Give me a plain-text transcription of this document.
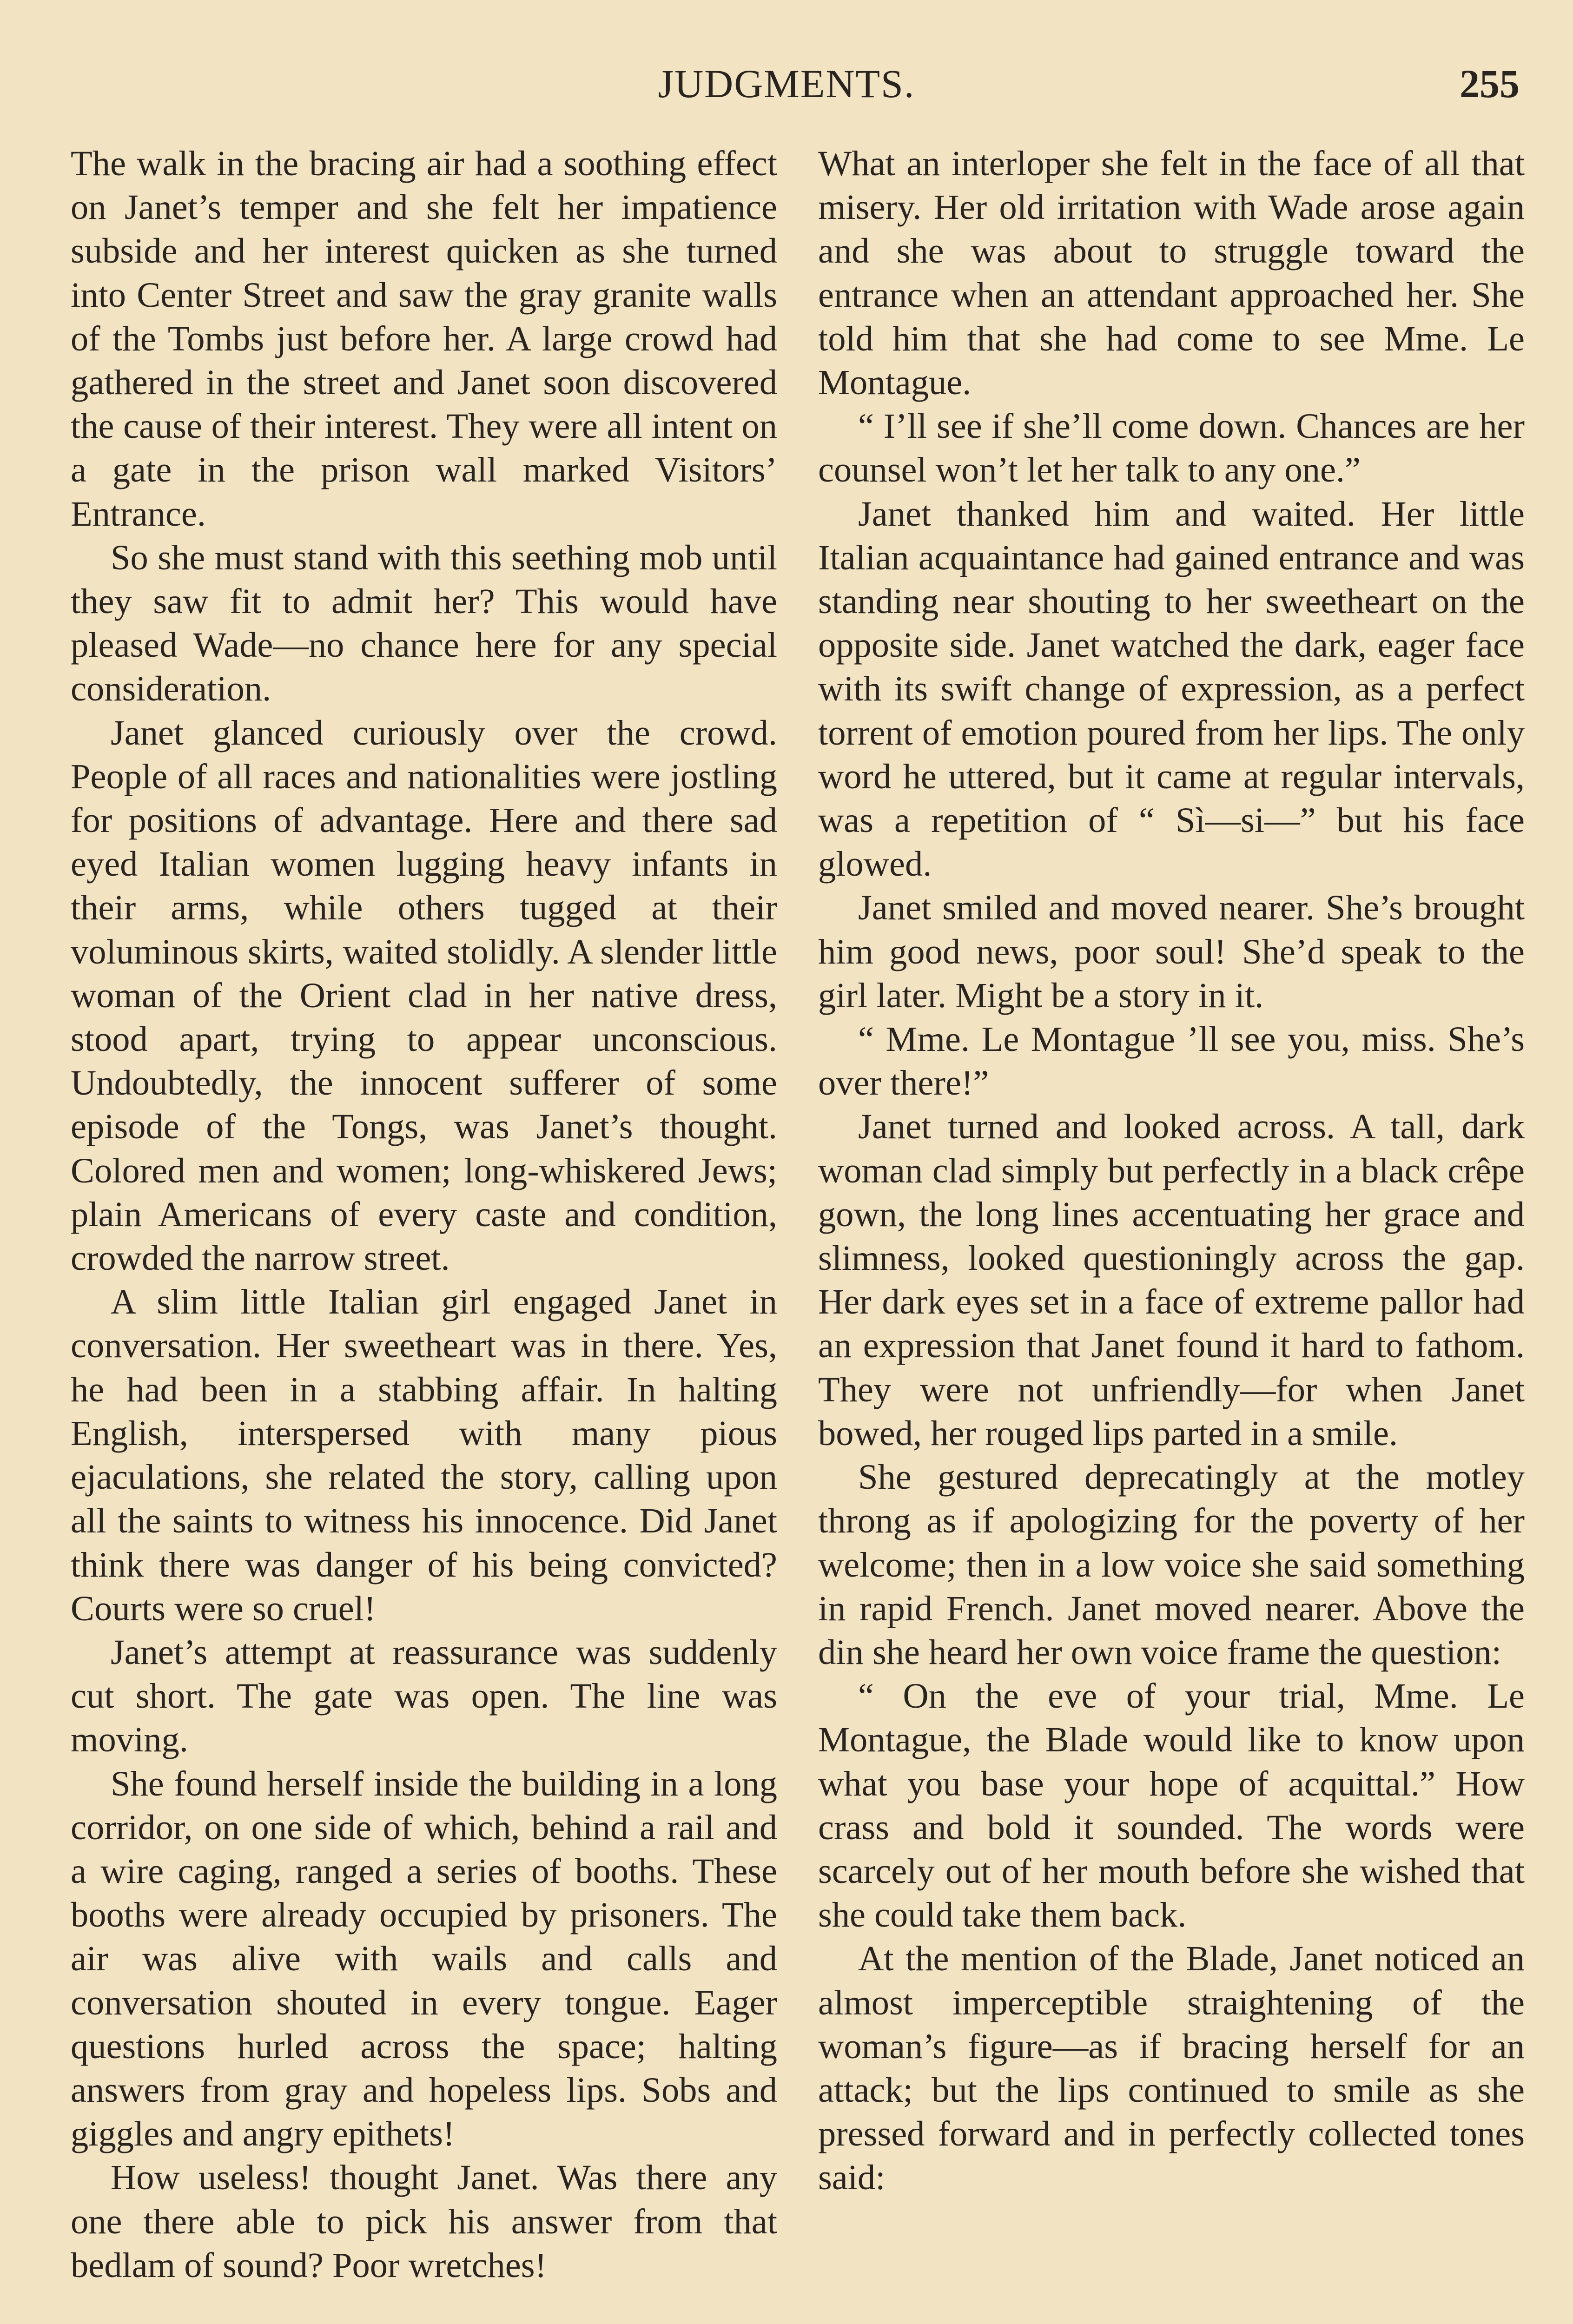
JUDGMENTS.	255

The walk in the bracing air had a soothing effect on Janet’s temper and she felt her impatience subside and her interest quicken as she turned into Center Street and saw the gray granite walls of the Tombs just before her. A large crowd had gathered in the street and Janet soon discovered the cause of their interest. They were all intent on a gate in the prison wall marked Visitors’ Entrance.

So she must stand with this seething mob until they saw fit to admit her? This would have pleased Wade—no chance here for any special consideration.

Janet glanced curiously over the crowd. People of all races and nationalities were jostling for positions of advantage. Here and there sad eyed Italian women lugging heavy infants in their arms, while others tugged at their voluminous skirts, waited stolidly. A slender little woman of the Orient clad in her native dress, stood apart, trying to appear unconscious. Undoubtedly, the innocent sufferer of some episode of the Tongs, was Janet’s thought. Colored men and women; long-whiskered Jews; plain Americans of every caste and condition, crowded the narrow street.

A slim little Italian girl engaged Janet in conversation. Her sweetheart was in there. Yes, he had been in a stabbing affair. In halting English, interspersed with many pious ejaculations, she related the story, calling upon all the saints to witness his innocence. Did Janet think there was danger of his being convicted? Courts were so cruel!

Janet’s attempt at reassurance was suddenly cut short. The gate was open. The line was moving.

She found herself inside the building in a long corridor, on one side of which, behind a rail and a wire caging, ranged a series of booths. These booths were already occupied by prisoners. The air was alive with wails and calls and conversation shouted in every tongue. Eager questions hurled across the space; halting answers from gray and hopeless lips. Sobs and giggles and angry epithets!

How useless! thought Janet. Was there any one there able to pick his answer from that bedlam of sound? Poor wretches!

What an interloper she felt in the face of all that misery. Her old irritation with Wade arose again and she was about to struggle toward the entrance when an attendant approached her. She told him that she had come to see Mme. Le Montague.

“ I’ll see if she’ll come down. Chances are her counsel won’t let her talk to any one.”

Janet thanked him and waited. Her little Italian acquaintance had gained entrance and was standing near shouting to her sweetheart on the opposite side. Janet watched the dark, eager face with its swift change of expression, as a perfect torrent of emotion poured from her lips. The only word he uttered, but it came at regular intervals, was a repetition of “ Sì—si—” but his face glowed.

Janet smiled and moved nearer. She’s brought him good news, poor soul! She’d speak to the girl later. Might be a story in it.

“ Mme. Le Montague ’ll see you, miss. She’s over there!”

Janet turned and looked across. A tall, dark woman clad simply but perfectly in a black crêpe gown, the long lines accentuating her grace and slimness, looked questioningly across the gap. Her dark eyes set in a face of extreme pallor had an expression that Janet found it hard to fathom. They were not unfriendly—for when Janet bowed, her rouged lips parted in a smile.

She gestured deprecatingly at the motley throng as if apologizing for the poverty of her welcome; then in a low voice she said something in rapid French. Janet moved nearer. Above the din she heard her own voice frame the question:

“ On the eve of your trial, Mme. Le Montague, the Blade would like to know upon what you base your hope of acquittal.” How crass and bold it sounded. The words were scarcely out of her mouth before she wished that she could take them back.

At the mention of the Blade, Janet noticed an almost imperceptible straightening of the woman’s figure—as if bracing herself for an attack; but the lips continued to smile as she pressed forward and in perfectly collected tones said:
